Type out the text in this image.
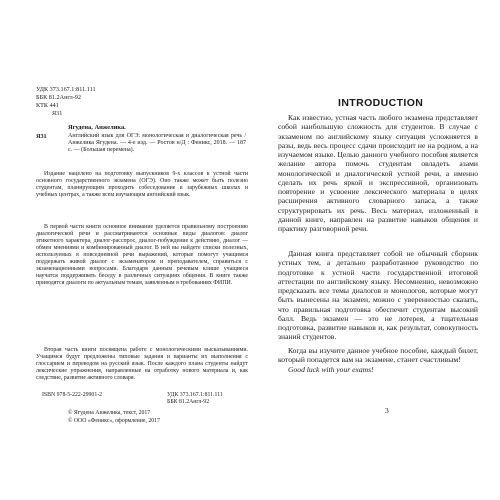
УДК 373.167.1:811.111
ББК 81.2Англ-92
КТК 441
Я31
Я31
Ягудена, Анжелика.
Английский язык для ОГЭ: монологическая и диалогическая речь / Анжелика Ягудена. — 4-е изд. — Ростов н/Д : Феникс, 2018. — 187 с. — (Большая перемена).
Издание нацелено на подготовку выпускников 9-х классов к устной части основного государственного экзамена (ОГЭ). Оно также может быть полезно студентам, планирующим проходить собеседование в зарубежных школах и учебных центрах, а также всем изучающим английский язык.
В первой части книги основное внимание уделяется правильному построению диалогической речи и рассматриваются основные виды диалогов: диалог этикетного характера, диалог-расспрос, диалог-побуждение к действию, диалог — обмен мнениями и комбинированный диалог. В ней вы найдете списки полезных, используемых в повседневной речи выражений, которые помогут учащимся поддержать живой диалог с экзаменатором и преподавателем, справиться с экзаменационными вопросами. Благодаря данным речевым клише учащиеся научатся поддерживать беседу в различных ситуациях общения. В книге также приводятся диалоги по актуальным темам, заявленным в требованиях ФИПИ.
Вторая часть книги посвящена работе с монологическими высказываниями. Учащимся будут предложены типовые задания и варианты их выполнения с глоссарием и переводом на русский язык. После каждого плана студенты найдут лексические упражнения, направленные на отработку нового материала и, как следствие, развитие активного словаря.
ISBN 978-5-222-29901-2	УДК 373.167.1:811.111
ББК 81.2Англ-92
© Ягудена Анжелика, текст, 2017
© ООО «Феникс», оформление, 2017
INTRODUCTION
Как известно, устная часть любого экзамена представляет собой наибольшую сложность для студентов. В случае с экзаменом по английскому языку ситуация усложняется в разы, ведь весь процесс сдачи происходит не на родном, а на изучаемом языке. Целью данного учебного пособия является желание автора помочь студентам овладеть азами монологической и диалогической устной речи, а именно сделать их речь яркой и экспрессивной, организовать повторение и усвоение лексического материала в целях расширения активного словарного запаса, а также структурировать их речь. Весь материал, изложенный в данной книге, направлен на развитие навыков общения и практику разговорной речи.
Данная книга представляет собой не обычный сборник устных тем, а детально разработанное руководство по подготовке к устной части государственной итоговой аттестации по английскому языку. Несомненно, невозможно предсказать все темы диалогов и монологов, которые могут быть вынесены на экзамен, можно с уверенностью сказать, что правильная подготовка обеспечит студентам высокий балл. Ведь экзамен — это не лотерея, а тщательная подготовка, развитие навыков и, как результат, совокупность знаний студентов.
Когда вы изучите данное учебное пособие, каждый билет, который попадется вам на экзамене, станет счастливым!
Good luck with your exams!
3
